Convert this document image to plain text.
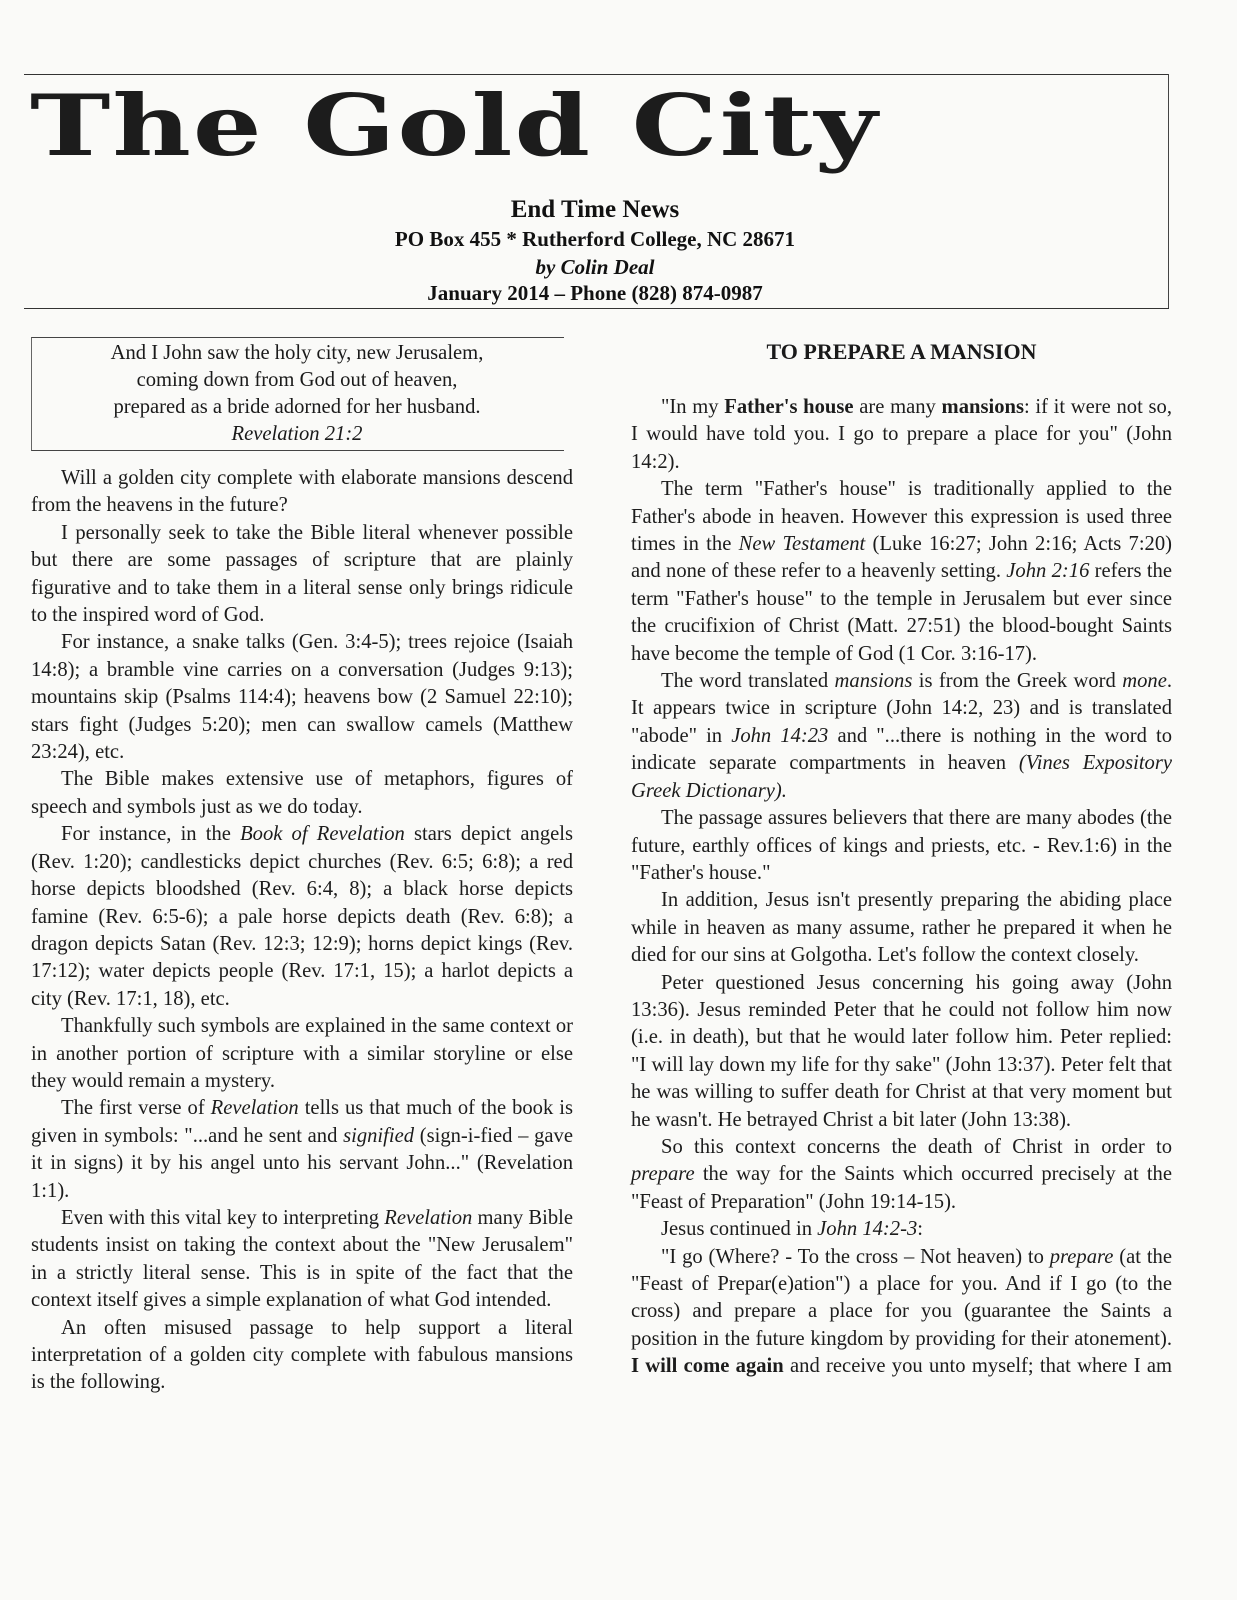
The Gold City
End Time News
PO Box 455 * Rutherford College, NC 28671
by Colin Deal
January 2014 – Phone (828) 874-0987
And I John saw the holy city, new Jerusalem,
coming down from God out of heaven,
prepared as a bride adorned for her husband.
Revelation 21:2

Will a golden city complete with elaborate mansions descend from the heavens in the future?

I personally seek to take the Bible literal whenever possible but there are some passages of scripture that are plainly figurative and to take them in a literal sense only brings ridicule to the inspired word of God.

For instance, a snake talks (Gen. 3:4-5); trees rejoice (Isaiah 14:8); a bramble vine carries on a conversation (Judges 9:13); mountains skip (Psalms 114:4); heavens bow (2 Samuel 22:10); stars fight (Judges 5:20); men can swallow camels (Matthew 23:24), etc.

The Bible makes extensive use of metaphors, figures of speech and symbols just as we do today.

For instance, in the Book of Revelation stars depict angels (Rev. 1:20); candlesticks depict churches (Rev. 6:5; 6:8); a red horse depicts bloodshed (Rev. 6:4, 8); a black horse depicts famine (Rev. 6:5-6); a pale horse depicts death (Rev. 6:8); a dragon depicts Satan (Rev. 12:3; 12:9); horns depict kings (Rev. 17:12); water depicts people (Rev. 17:1, 15); a harlot depicts a city (Rev. 17:1, 18), etc.

Thankfully such symbols are explained in the same context or in another portion of scripture with a similar storyline or else they would remain a mystery.

The first verse of Revelation tells us that much of the book is given in symbols: "...and he sent and signified (sign-i-fied – gave it in signs) it by his angel unto his servant John..." (Revelation 1:1).

Even with this vital key to interpreting Revelation many Bible students insist on taking the context about the "New Jerusalem" in a strictly literal sense. This is in spite of the fact that the context itself gives a simple explanation of what God intended.

An often misused passage to help support a literal interpretation of a golden city complete with fabulous mansions is the following.

TO PREPARE A MANSION

"In my Father's house are many mansions: if it were not so, I would have told you. I go to prepare a place for you" (John 14:2).

The term "Father's house" is traditionally applied to the Father's abode in heaven. However this expression is used three times in the New Testament (Luke 16:27; John 2:16; Acts 7:20) and none of these refer to a heavenly setting. John 2:16 refers the term "Father's house" to the temple in Jerusalem but ever since the crucifixion of Christ (Matt. 27:51) the blood-bought Saints have become the temple of God (1 Cor. 3:16-17).

The word translated mansions is from the Greek word mone. It appears twice in scripture (John 14:2, 23) and is translated "abode" in John 14:23 and "...there is nothing in the word to indicate separate compartments in heaven (Vines Expository Greek Dictionary).

The passage assures believers that there are many abodes (the future, earthly offices of kings and priests, etc. - Rev.1:6) in the "Father's house."

In addition, Jesus isn't presently preparing the abiding place while in heaven as many assume, rather he prepared it when he died for our sins at Golgotha. Let's follow the context closely.

Peter questioned Jesus concerning his going away (John 13:36). Jesus reminded Peter that he could not follow him now (i.e. in death), but that he would later follow him. Peter replied: "I will lay down my life for thy sake" (John 13:37). Peter felt that he was willing to suffer death for Christ at that very moment but he wasn't. He betrayed Christ a bit later (John 13:38).

So this context concerns the death of Christ in order to prepare the way for the Saints which occurred precisely at the "Feast of Preparation" (John 19:14-15).

Jesus continued in John 14:2-3:

"I go (Where? - To the cross – Not heaven) to prepare (at the "Feast of Prepar(e)ation") a place for you. And if I go (to the cross) and prepare a place for you (guarantee the Saints a position in the future kingdom by providing for their atonement). I will come again and receive you unto myself; that where I am
